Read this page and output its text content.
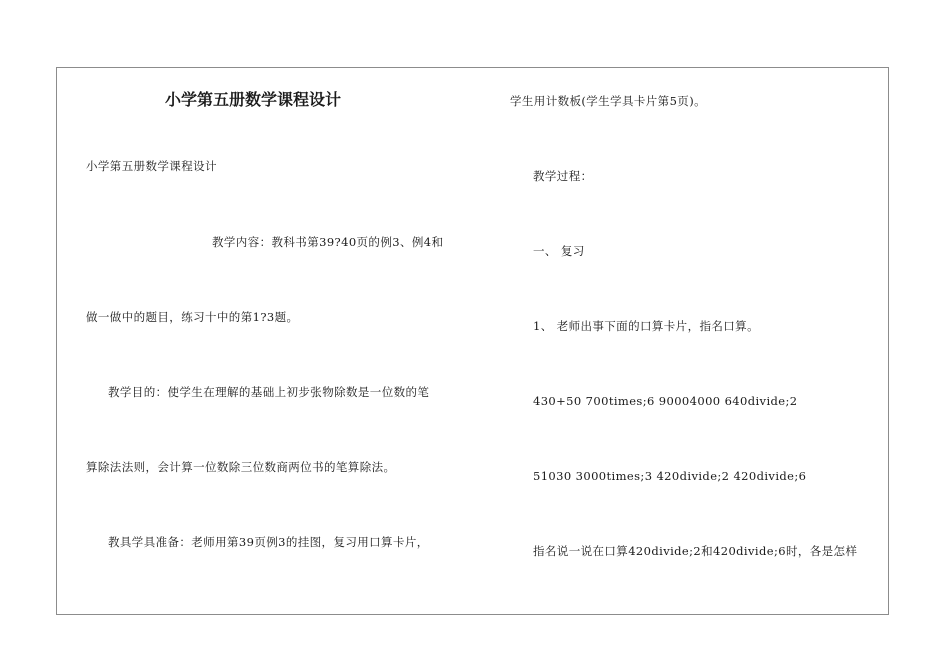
小学第五册数学课程设计
小学第五册数学课程设计
教学内容：教科书第39?40页的例3、例4和
做一做中的题目，练习十中的第1?3题。
教学目的：使学生在理解的基础上初步张物除数是一位数的笔
算除法法则，会计算一位数除三位数商两位书的笔算除法。
教具学具准备：老师用第39页例3的挂图，复习用口算卡片，
学生用计数板(学生学具卡片第5页)。
教学过程：
一、 复习
1、 老师出事下面的口算卡片，指名口算。
430+50 700times;6 90004000 640divide;2
51030 3000times;3 420divide;2 420divide;6
指名说一说在口算420divide;2和420divide;6时，各是怎样
